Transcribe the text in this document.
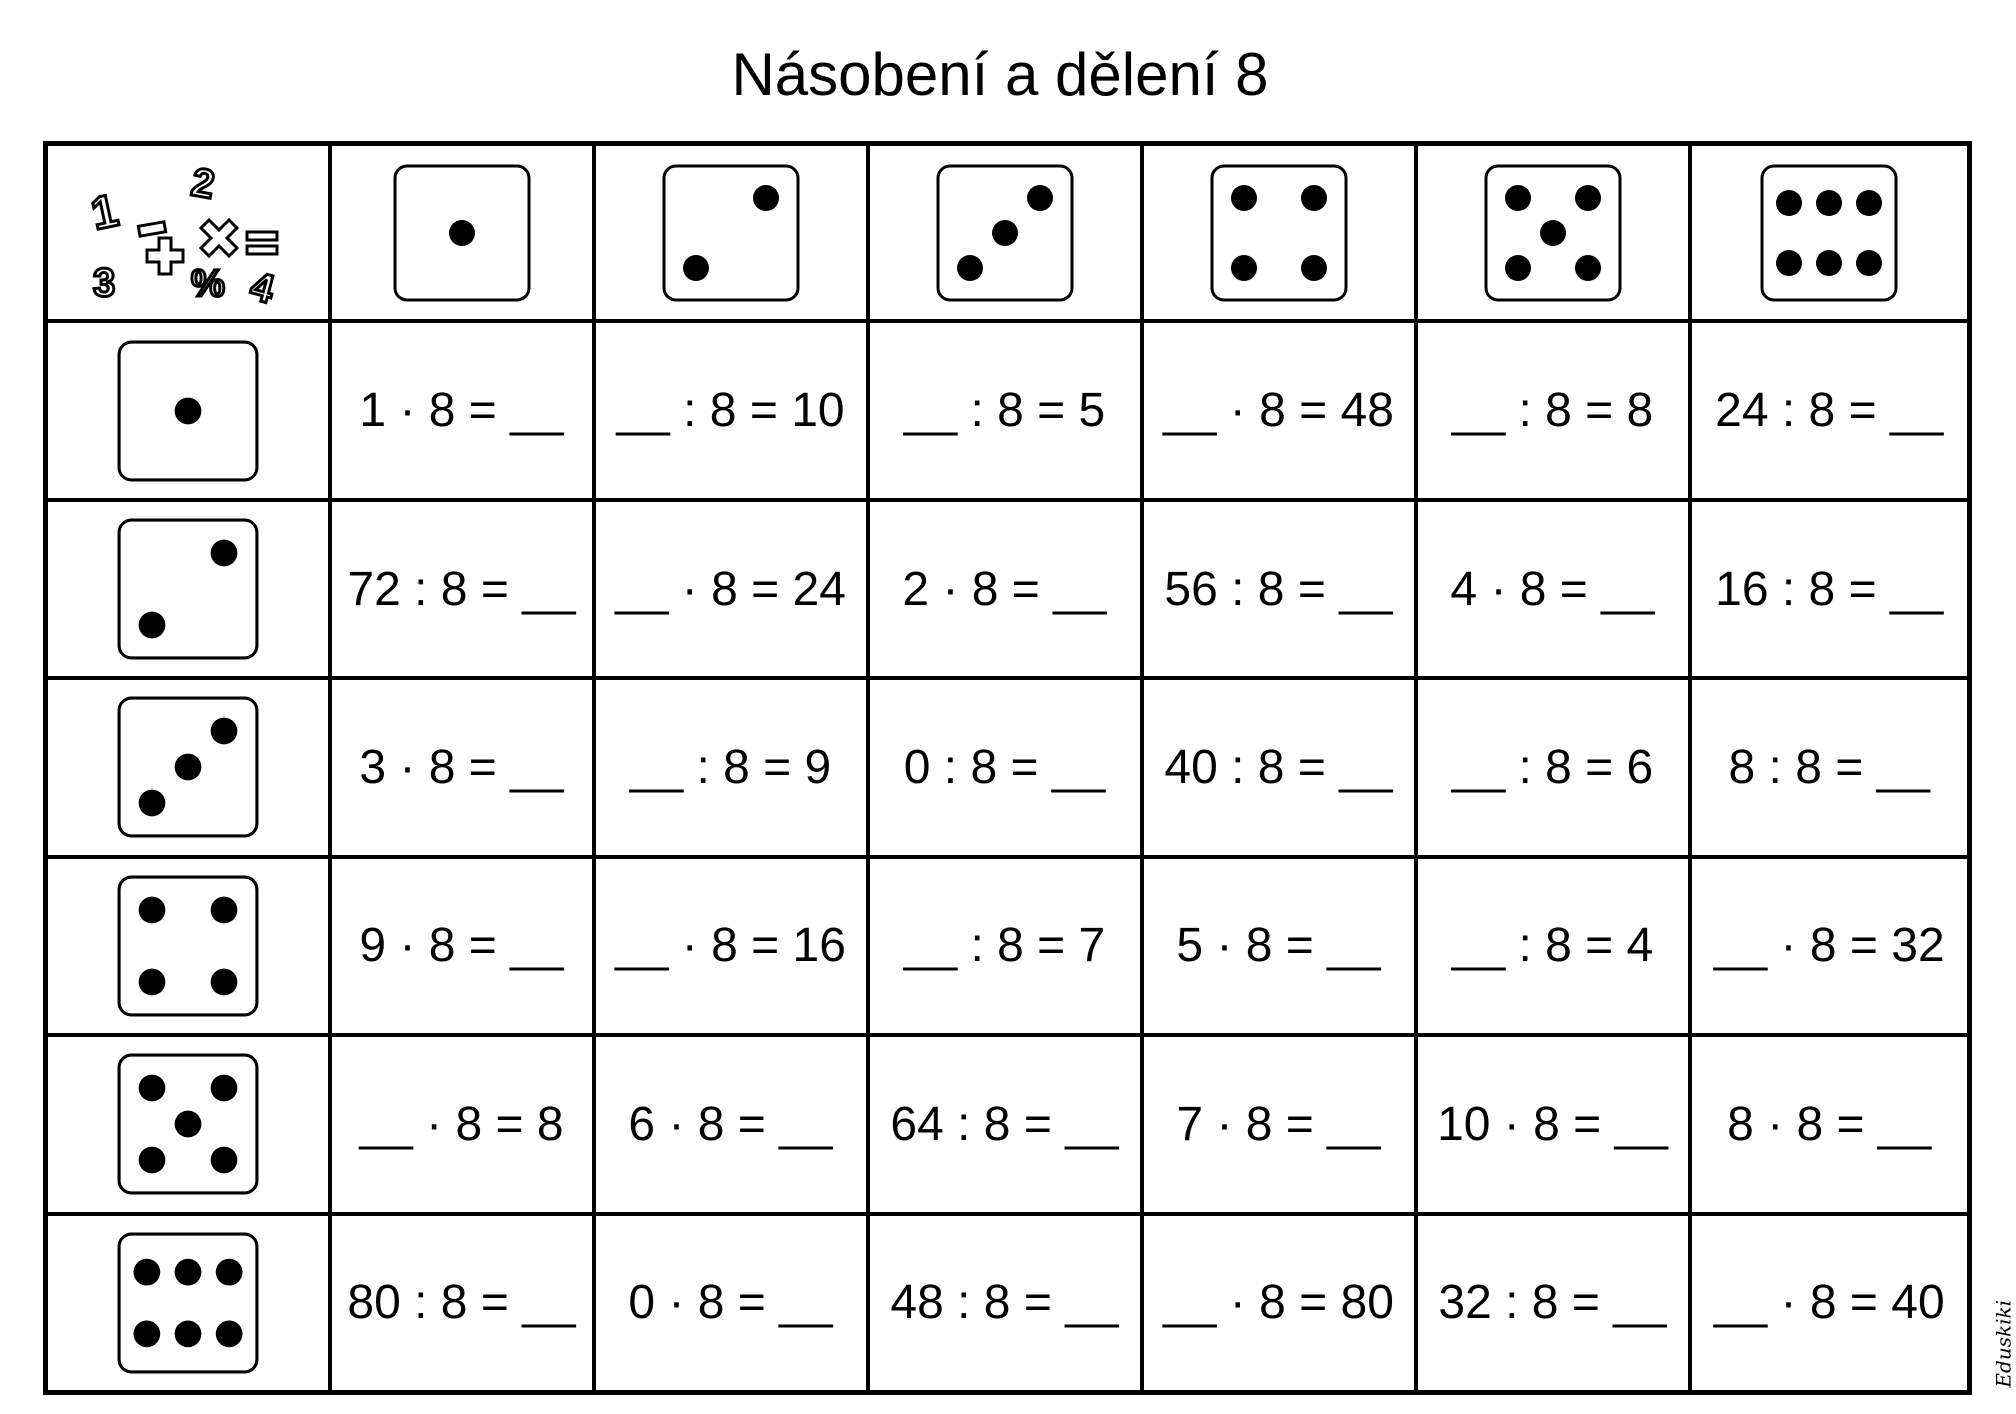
Násobení a dělení 8
1 2
3 4
%

	1 · 8 = __	__ : 8 = 10	__ : 8 = 5	__ · 8 = 48	__ : 8 = 8	24 : 8 = __
	72 : 8 = __	__ · 8 = 24	2 · 8 = __	56 : 8 = __	4 · 8 = __	16 : 8 = __
	3 · 8 = __	__ : 8 = 9	0 : 8 = __	40 : 8 = __	__ : 8 = 6	8 : 8 = __
	9 · 8 = __	__ · 8 = 16	__ : 8 = 7	5 · 8 = __	__ : 8 = 4	__ · 8 = 32
	__ · 8 = 8	6 · 8 = __	64 : 8 = __	7 · 8 = __	10 · 8 = __	8 · 8 = __
	80 : 8 = __	0 · 8 = __	48 : 8 = __	__ · 8 = 80	32 : 8 = __	__ · 8 = 40 Eduskiki
